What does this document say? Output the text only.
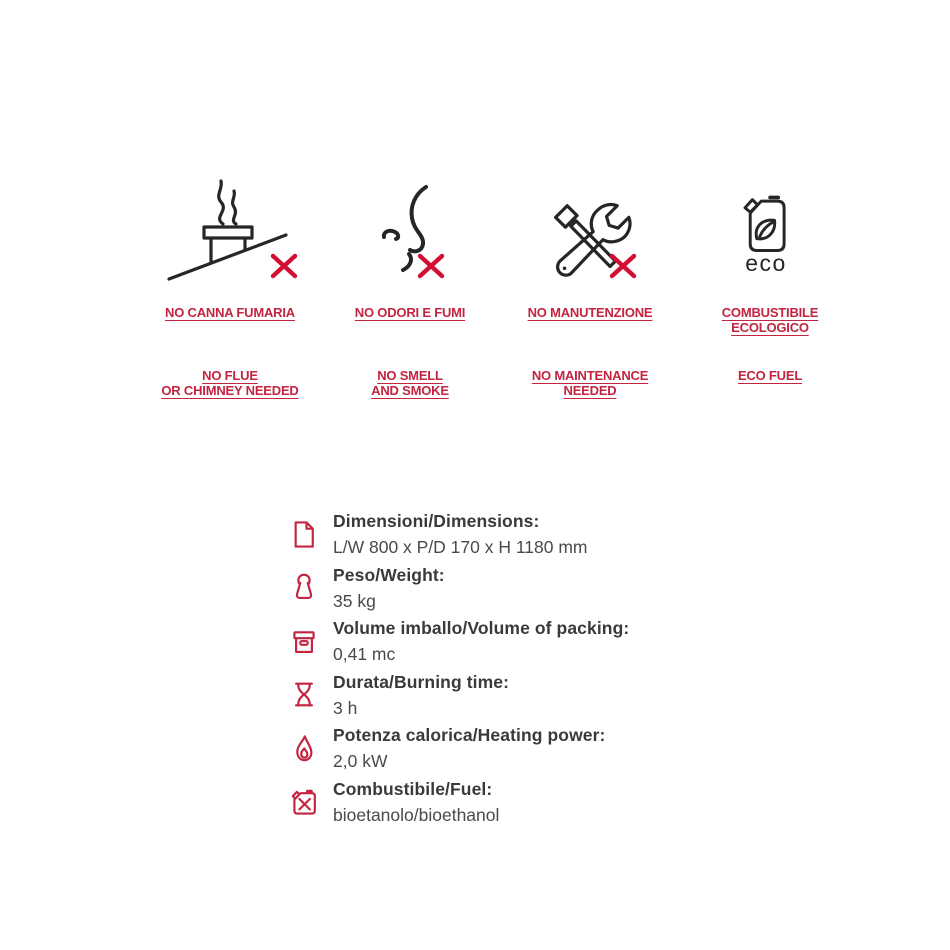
NO CANNA FUMARIA
NO FLUE
OR CHIMNEY NEEDED
NO ODORI E FUMI
NO SMELL
AND SMOKE
NO MANUTENZIONE
NO MAINTENANCE
NEEDED
eco
COMBUSTIBILE
ECOLOGICO
ECO FUEL
Dimensioni/Dimensions:
L/W 800 x P/D 170 x H 1180 mm
Peso/Weight:
35 kg
Volume imballo/Volume of packing:
0,41 mc
Durata/Burning time:
3 h
Potenza calorica/Heating power:
2,0 kW
Combustibile/Fuel:
bioetanolo/bioethanol
